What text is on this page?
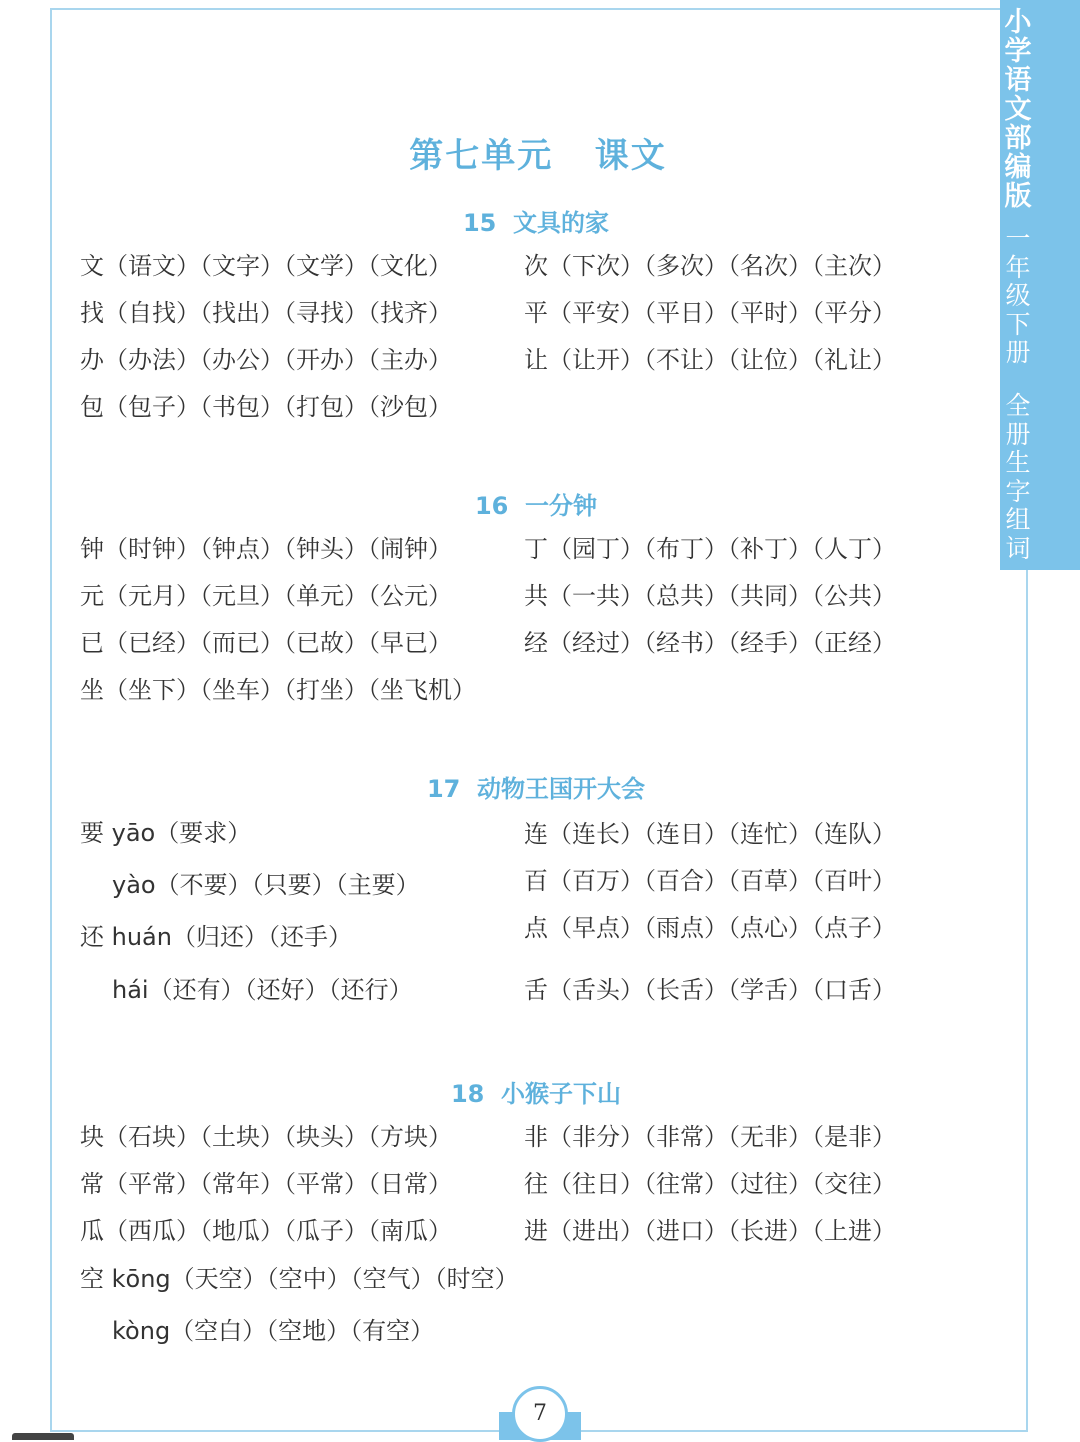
小学语文部编版
一年级下册
全册生字组词
第七单元   课文
15  文具的家
文（语文）（文字）（文学）（文化）
找（自找）（找出）（寻找）（找齐）
办（办法）（办公）（开办）（主办）
包（包子）（书包）（打包）（沙包）
次（下次）（多次）（名次）（主次）
平（平安）（平日）（平时）（平分）
让（让开）（不让）（让位）（礼让）
16  一分钟
钟（时钟）（钟点）（钟头）（闹钟）
元（元月）（元旦）（单元）（公元）
已（已经）（而已）（已故）（早已）
坐（坐下）（坐车）（打坐）（坐飞机）
丁（园丁）（布丁）（补丁）（人丁）
共（一共）（总共）（共同）（公共）
经（经过）（经书）（经手）（正经）
17  动物王国开大会
要 yāo（要求）
yào（不要）（只要）（主要）
还 huán（归还）（还手）
hái（还有）（还好）（还行）
连（连长）（连日）（连忙）（连队）
百（百万）（百合）（百草）（百叶）
点（早点）（雨点）（点心）（点子）
舌（舌头）（长舌）（学舌）（口舌）
18  小猴子下山
块（石块）（土块）（块头）（方块）
常（平常）（常年）（平常）（日常）
瓜（西瓜）（地瓜）（瓜子）（南瓜）
空 kōng（天空）（空中）（空气）（时空）
kòng（空白）（空地）（有空）
非（非分）（非常）（无非）（是非）
往（往日）（往常）（过往）（交往）
进（进出）（进口）（长进）（上进）
7
